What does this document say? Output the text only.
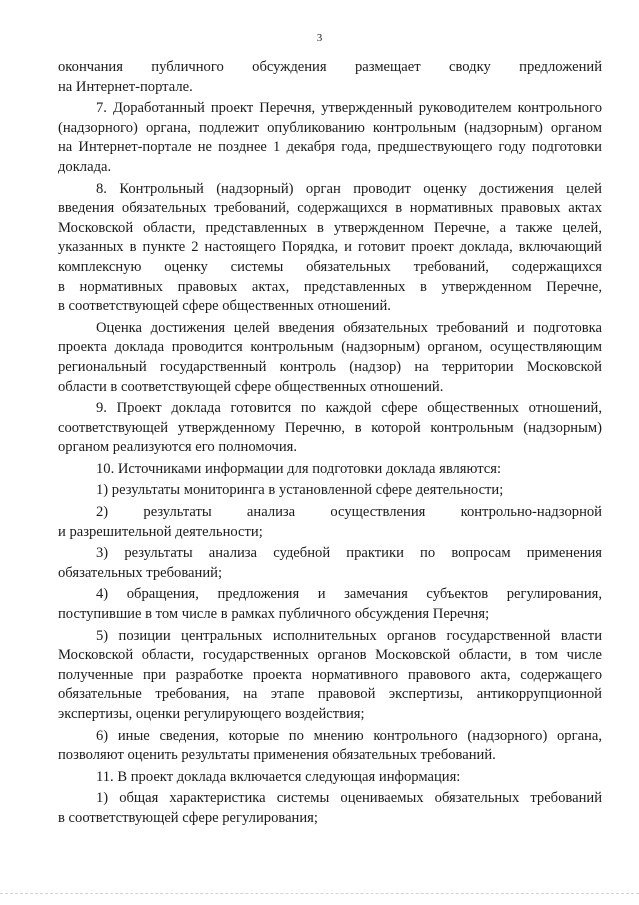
3
окончания публичного обсуждения размещает сводку предложений
на Интернет-портале.
7. Доработанный проект Перечня, утвержденный руководителем контрольного
(надзорного) органа, подлежит опубликованию контрольным (надзорным) органом
на Интернет-портале не позднее 1 декабря года, предшествующего году подготовки
доклада.
8. Контрольный (надзорный) орган проводит оценку достижения целей
введения обязательных требований, содержащихся в нормативных правовых актах
Московской области, представленных в утвержденном Перечне, а также целей,
указанных в пункте 2 настоящего Порядка, и готовит проект доклада, включающий
комплексную оценку системы обязательных требований, содержащихся
в нормативных правовых актах, представленных в утвержденном Перечне,
в соответствующей сфере общественных отношений.
Оценка достижения целей введения обязательных требований и подготовка
проекта доклада проводится контрольным (надзорным) органом, осуществляющим
региональный государственный контроль (надзор) на территории Московской
области в соответствующей сфере общественных отношений.
9. Проект доклада готовится по каждой сфере общественных отношений,
соответствующей утвержденному Перечню, в которой контрольным (надзорным)
органом реализуются его полномочия.
10. Источниками информации для подготовки доклада являются:
1) результаты мониторинга в установленной сфере деятельности;
2) результаты анализа осуществления контрольно-надзорной
и разрешительной деятельности;
3) результаты анализа судебной практики по вопросам применения
обязательных требований;
4) обращения, предложения и замечания субъектов регулирования,
поступившие в том числе в рамках публичного обсуждения Перечня;
5) позиции центральных исполнительных органов государственной власти
Московской области, государственных органов Московской области, в том числе
полученные при разработке проекта нормативного правового акта, содержащего
обязательные требования, на этапе правовой экспертизы, антикоррупционной
экспертизы, оценки регулирующего воздействия;
6) иные сведения, которые по мнению контрольного (надзорного) органа,
позволяют оценить результаты применения обязательных требований.
11. В проект доклада включается следующая информация:
1) общая характеристика системы оцениваемых обязательных требований
в соответствующей сфере регулирования;
